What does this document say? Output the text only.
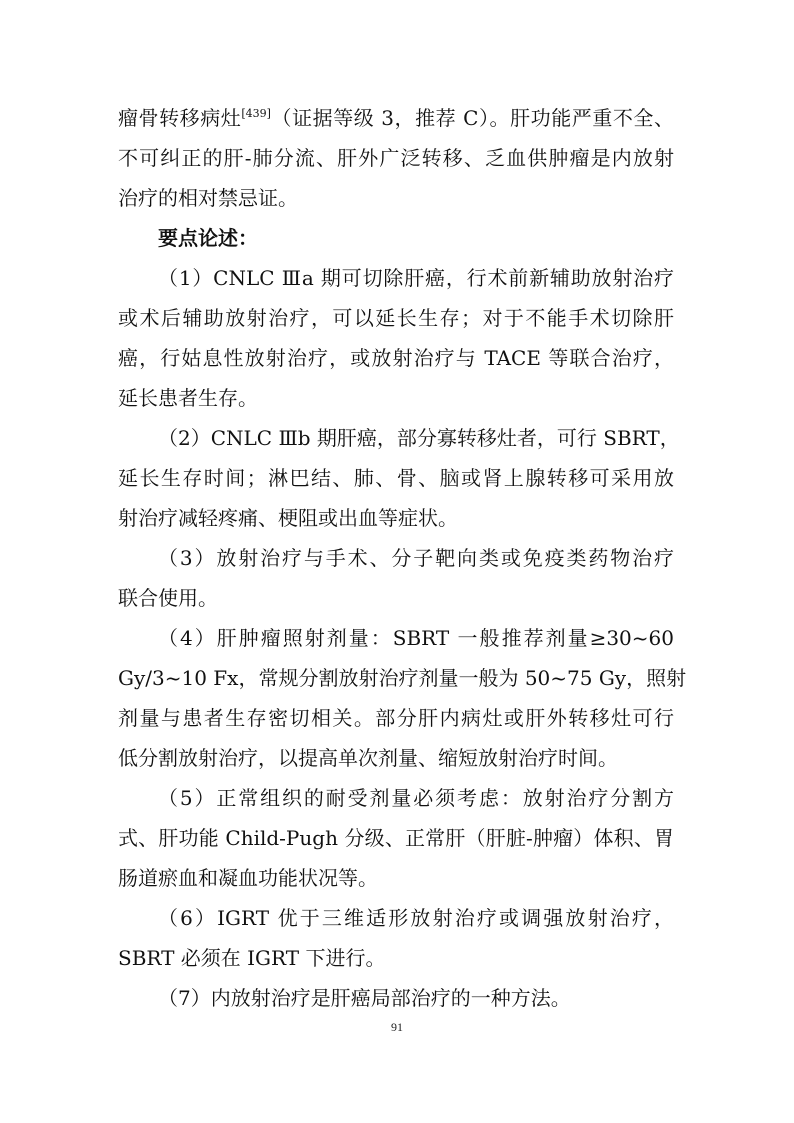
瘤骨转移病灶[439]（证据等级 3，推荐 C）。肝功能严重不全、
不可纠正的肝-肺分流、肝外广泛转移、乏血供肿瘤是内放射
治疗的相对禁忌证。
要点论述：
（1）CNLC Ⅲa 期可切除肝癌，行术前新辅助放射治疗
或术后辅助放射治疗，可以延长生存；对于不能手术切除肝
癌，行姑息性放射治疗，或放射治疗与 TACE 等联合治疗，
延长患者生存。
（2）CNLC Ⅲb 期肝癌，部分寡转移灶者，可行 SBRT，
延长生存时间；淋巴结、肺、骨、脑或肾上腺转移可采用放
射治疗减轻疼痛、梗阻或出血等症状。
（3）放射治疗与手术、分子靶向类或免疫类药物治疗
联合使用。
（4）肝肿瘤照射剂量：SBRT 一般推荐剂量≥30~60
Gy/3~10 Fx，常规分割放射治疗剂量一般为 50~75 Gy，照射
剂量与患者生存密切相关。部分肝内病灶或肝外转移灶可行
低分割放射治疗，以提高单次剂量、缩短放射治疗时间。
（5）正常组织的耐受剂量必须考虑：放射治疗分割方
式、肝功能 Child-Pugh 分级、正常肝（肝脏-肿瘤）体积、胃
肠道瘀血和凝血功能状况等。
（6）IGRT 优于三维适形放射治疗或调强放射治疗，
SBRT 必须在 IGRT 下进行。
（7）内放射治疗是肝癌局部治疗的一种方法。
91
